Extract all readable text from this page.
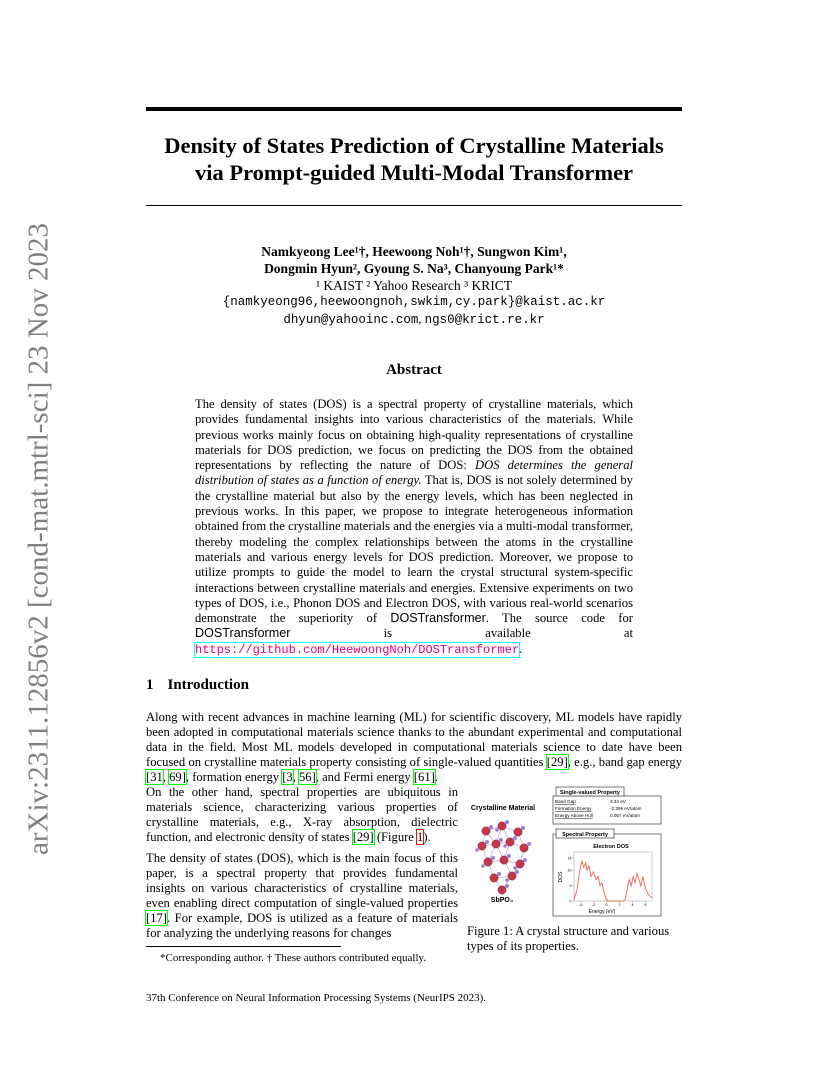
arXiv:2311.12856v2 [cond-mat.mtrl-sci] 23 Nov 2023
Density of States Prediction of Crystalline Materials
via Prompt-guided Multi-Modal Transformer
Namkyeong Lee¹†, Heewoong Noh¹†, Sungwon Kim¹,
Dongmin Hyun², Gyoung S. Na³, Chanyoung Park¹*
¹ KAIST ² Yahoo Research ³ KRICT
{namkyeong96,heewoongnoh,swkim,cy.park}@kaist.ac.kr
dhyun@yahooinc.com, ngs0@krict.re.kr
Abstract
The density of states (DOS) is a spectral property of crystalline materials, which provides fundamental insights into various characteristics of the materials. While previous works mainly focus on obtaining high-quality representations of crystalline materials for DOS prediction, we focus on predicting the DOS from the obtained representations by reflecting the nature of DOS: DOS determines the general distribution of states as a function of energy. That is, DOS is not solely determined by the crystalline material but also by the energy levels, which has been neglected in previous works. In this paper, we propose to integrate heterogeneous information obtained from the crystalline materials and the energies via a multi-modal transformer, thereby modeling the complex relationships between the atoms in the crystalline materials and various energy levels for DOS prediction. Moreover, we propose to utilize prompts to guide the model to learn the crystal structural system-specific interactions between crystalline materials and energies. Extensive experiments on two types of DOS, i.e., Phonon DOS and Electron DOS, with various real-world scenarios demonstrate the superiority of DOSTransformer. The source code for DOSTransformer is available at https://github.com/HeewoongNoh/DOSTransformer.
1 Introduction
Along with recent advances in machine learning (ML) for scientific discovery, ML models have rapidly been adopted in computational materials science thanks to the abundant experimental and computational data in the field. Most ML models developed in computational materials science to date have been focused on crystalline materials property consisting of single-valued quantities [29], e.g., band gap energy [31, 69], formation energy [3, 56], and Fermi energy [61].
On the other hand, spectral properties are ubiquitous in materials science, characterizing various properties of crystalline materials, e.g., X-ray absorption, dielectric function, and electronic density of states [29] (Figure 1).
The density of states (DOS), which is the main focus of this paper, is a spectral property that provides fundamental insights on various characteristics of crystalline materials, even enabling direct computation of single-valued properties [17]. For example, DOS is utilized as a feature of materials for analyzing the underlying reasons for changes
*Corresponding author. † These authors contributed equally.
37th Conference on Neural Information Processing Systems (NeurIPS 2023).
Crystalline Material
SbPO₄
Single-valued Property
Band Gap	3.34 eV
Formation Energy	-2.299 eV/atom
Energy Above Hull	0.057 eV/atom
Spectral Property
Electron DOS
-4	-2	0	2	4	6
0
5
10
14
Energy (eV)
DOS
Figure 1: A crystal structure and various types of its properties.
